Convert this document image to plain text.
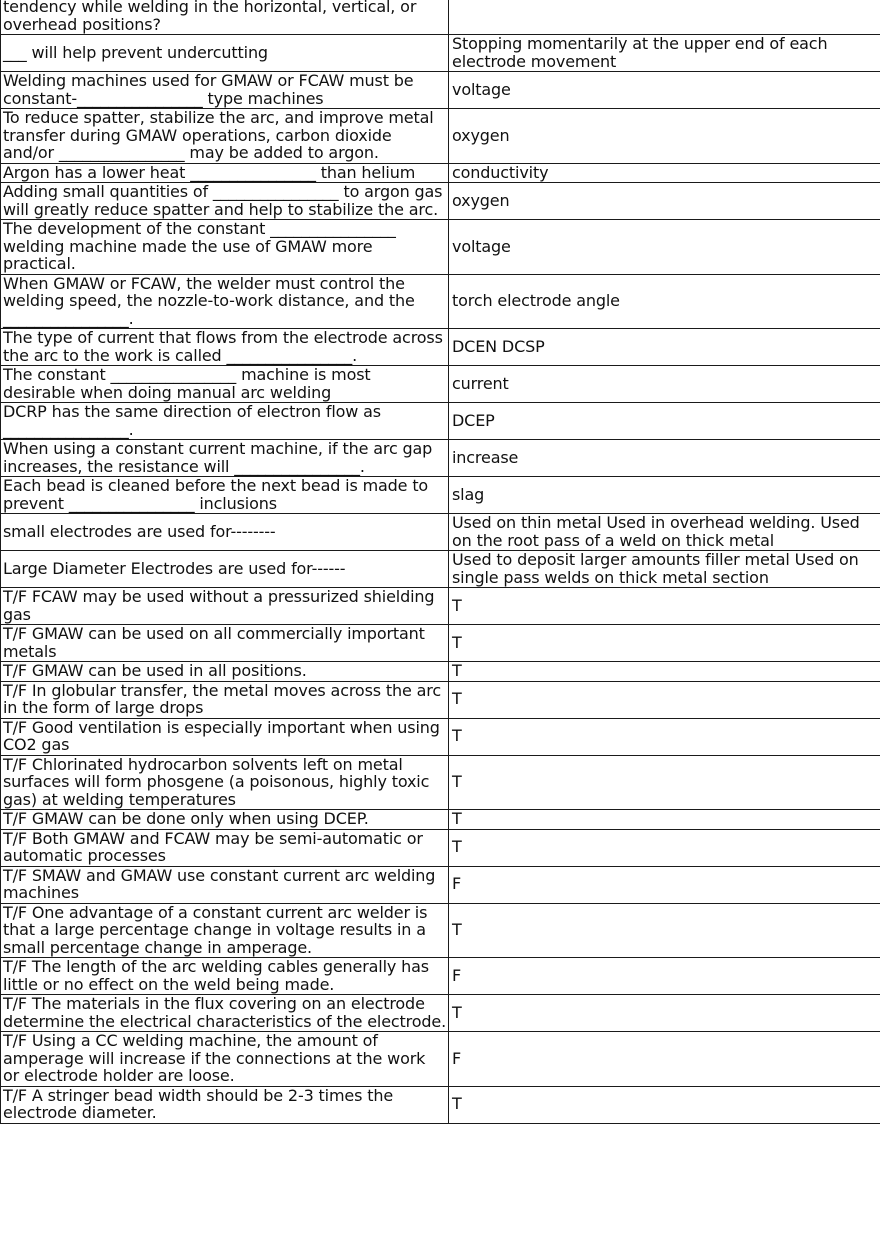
tendency while welding in the horizontal, vertical, or overhead positions?	
___ will help prevent undercutting	Stopping momentarily at the upper end of each electrode movement
Welding machines used for GMAW or FCAW must be constant-________________ type machines	voltage
To reduce spatter, stabilize the arc, and improve metal transfer during GMAW operations, carbon dioxide and/or ________________ may be added to argon.	oxygen
Argon has a lower heat ________________ than helium	conductivity
Adding small quantities of ________________ to argon gas will greatly reduce spatter and help to stabilize the arc.	oxygen
The development of the constant ________________ welding machine made the use of GMAW more practical.	voltage
When GMAW or FCAW, the welder must control the welding speed, the nozzle-to-work distance, and the ________________.	torch electrode angle
The type of current that flows from the electrode across the arc to the work is called ________________.	DCEN DCSP
The constant ________________ machine is most desirable when doing manual arc welding	current
DCRP has the same direction of electron flow as ________________.	DCEP
When using a constant current machine, if the arc gap increases, the resistance will ________________.	increase
Each bead is cleaned before the next bead is made to prevent ________________ inclusions	slag
small electrodes are used for--------	Used on thin metal Used in overhead welding. Used on the root pass of a weld on thick metal
Large Diameter Electrodes are used for------	Used to deposit larger amounts filler metal Used on single pass welds on thick metal section
T/F FCAW may be used without a pressurized shielding gas	T
T/F GMAW can be used on all commercially important metals	T
T/F GMAW can be used in all positions.	T
T/F In globular transfer, the metal moves across the arc in the form of large drops	T
T/F Good ventilation is especially important when using CO2 gas	T
T/F Chlorinated hydrocarbon solvents left on metal surfaces will form phosgene (a poisonous, highly toxic gas) at welding temperatures	T
T/F GMAW can be done only when using DCEP.	T
T/F Both GMAW and FCAW may be semi-automatic or automatic processes	T
T/F SMAW and GMAW use constant current arc welding machines	F
T/F One advantage of a constant current arc welder is that a large percentage change in voltage results in a small percentage change in amperage.	T
T/F The length of the arc welding cables generally has little or no effect on the weld being made.	F
T/F The materials in the flux covering on an electrode determine the electrical characteristics of the electrode.	T
T/F Using a CC welding machine, the amount of amperage will increase if the connections at the work or electrode holder are loose.	F
T/F A stringer bead width should be 2-3 times the electrode diameter.	T
